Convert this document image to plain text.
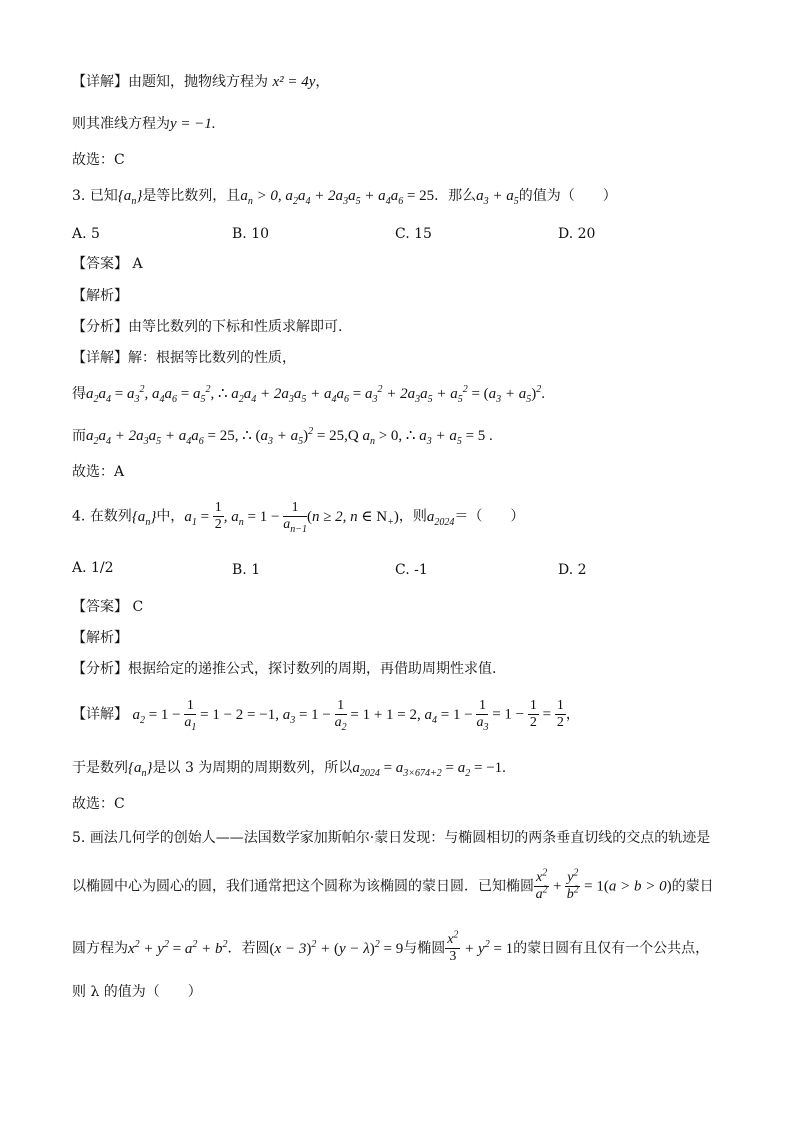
【详解】由题知，抛物线方程为 x² = 4y，
则其准线方程为y = −1.
故选：C
3. 已知$\{a_n\}$是等比数列，且$a_n > 0$, $a_2a_4 + 2a_3a_5 + a_4a_6 = 25$．那么$a_3 + a_5$的值为（　　）
A. 5	B. 10	C. 15	D. 20
【答案】 A
【解析】
【分析】由等比数列的下标和性质求解即可.
【详解】解：根据等比数列的性质，
得$a_2a_4 = a_3^2$, $a_4a_6 = a_5^2$, ∴ $a_2a_4 + 2a_3a_5 + a_4a_6 = a_3^2 + 2a_3a_5 + a_5^2 = (a_3 + a_5)^2$.
而$a_2a_4 + 2a_3a_5 + a_4a_6 = 25$, ∴ $(a_3 + a_5)^2 = 25,Q$ $a_n > 0$, ∴ $a_3 + a_5 = 5$ .
故选：A
4. 在数列$\{a_n\}$中，$a_1 = \frac{1}{2}$ , $a_n = 1 - \frac{1}{a_{n-1}} (n \ge 2$, n ∈ $N_+$)，则$a_{2024}=$（　　）
A. 1/2	B. 1	C. -1	D. 2
【答案】 C
【解析】
【分析】根据给定的递推公式，探讨数列的周期，再借助周期性求值.
【详解】 $a_2 = 1 - \frac{1}{a_1} = 1 - 2 = -1$, $a_3 = 1 - \frac{1}{a_2} = 1 + 1 = 2$, $a_4 = 1 - \frac{1}{a_3} = 1 - \frac{1}{2} = \frac{1}{2}$ ，
于是数列$\{a_n\}$是以 3 为周期的周期数列，所以$a_{2024} = a_{3\times 674+2} = a_2 = -1$.
故选：C
5. 画法几何学的创始人——法国数学家加斯帕尔·蒙日发现：与椭圆相切的两条垂直切线的交点的轨迹是
以椭圆中心为圆心的圆，我们通常把这个圆称为该椭圆的蒙日圆．已知椭圆 $\frac{x^2}{a^2} + \frac{y^2}{b^2} = 1(a > b > 0)$的蒙日
圆方程为$x^2 + y^2 = a^2 + b^2$．若圆$(x - 3)^2 + (y - \lambda)^2 = 9$与椭圆 $\frac{x^2}{3} + y^2 = 1$的蒙日圆有且仅有一个公共点，
则 λ 的值为（　　）
